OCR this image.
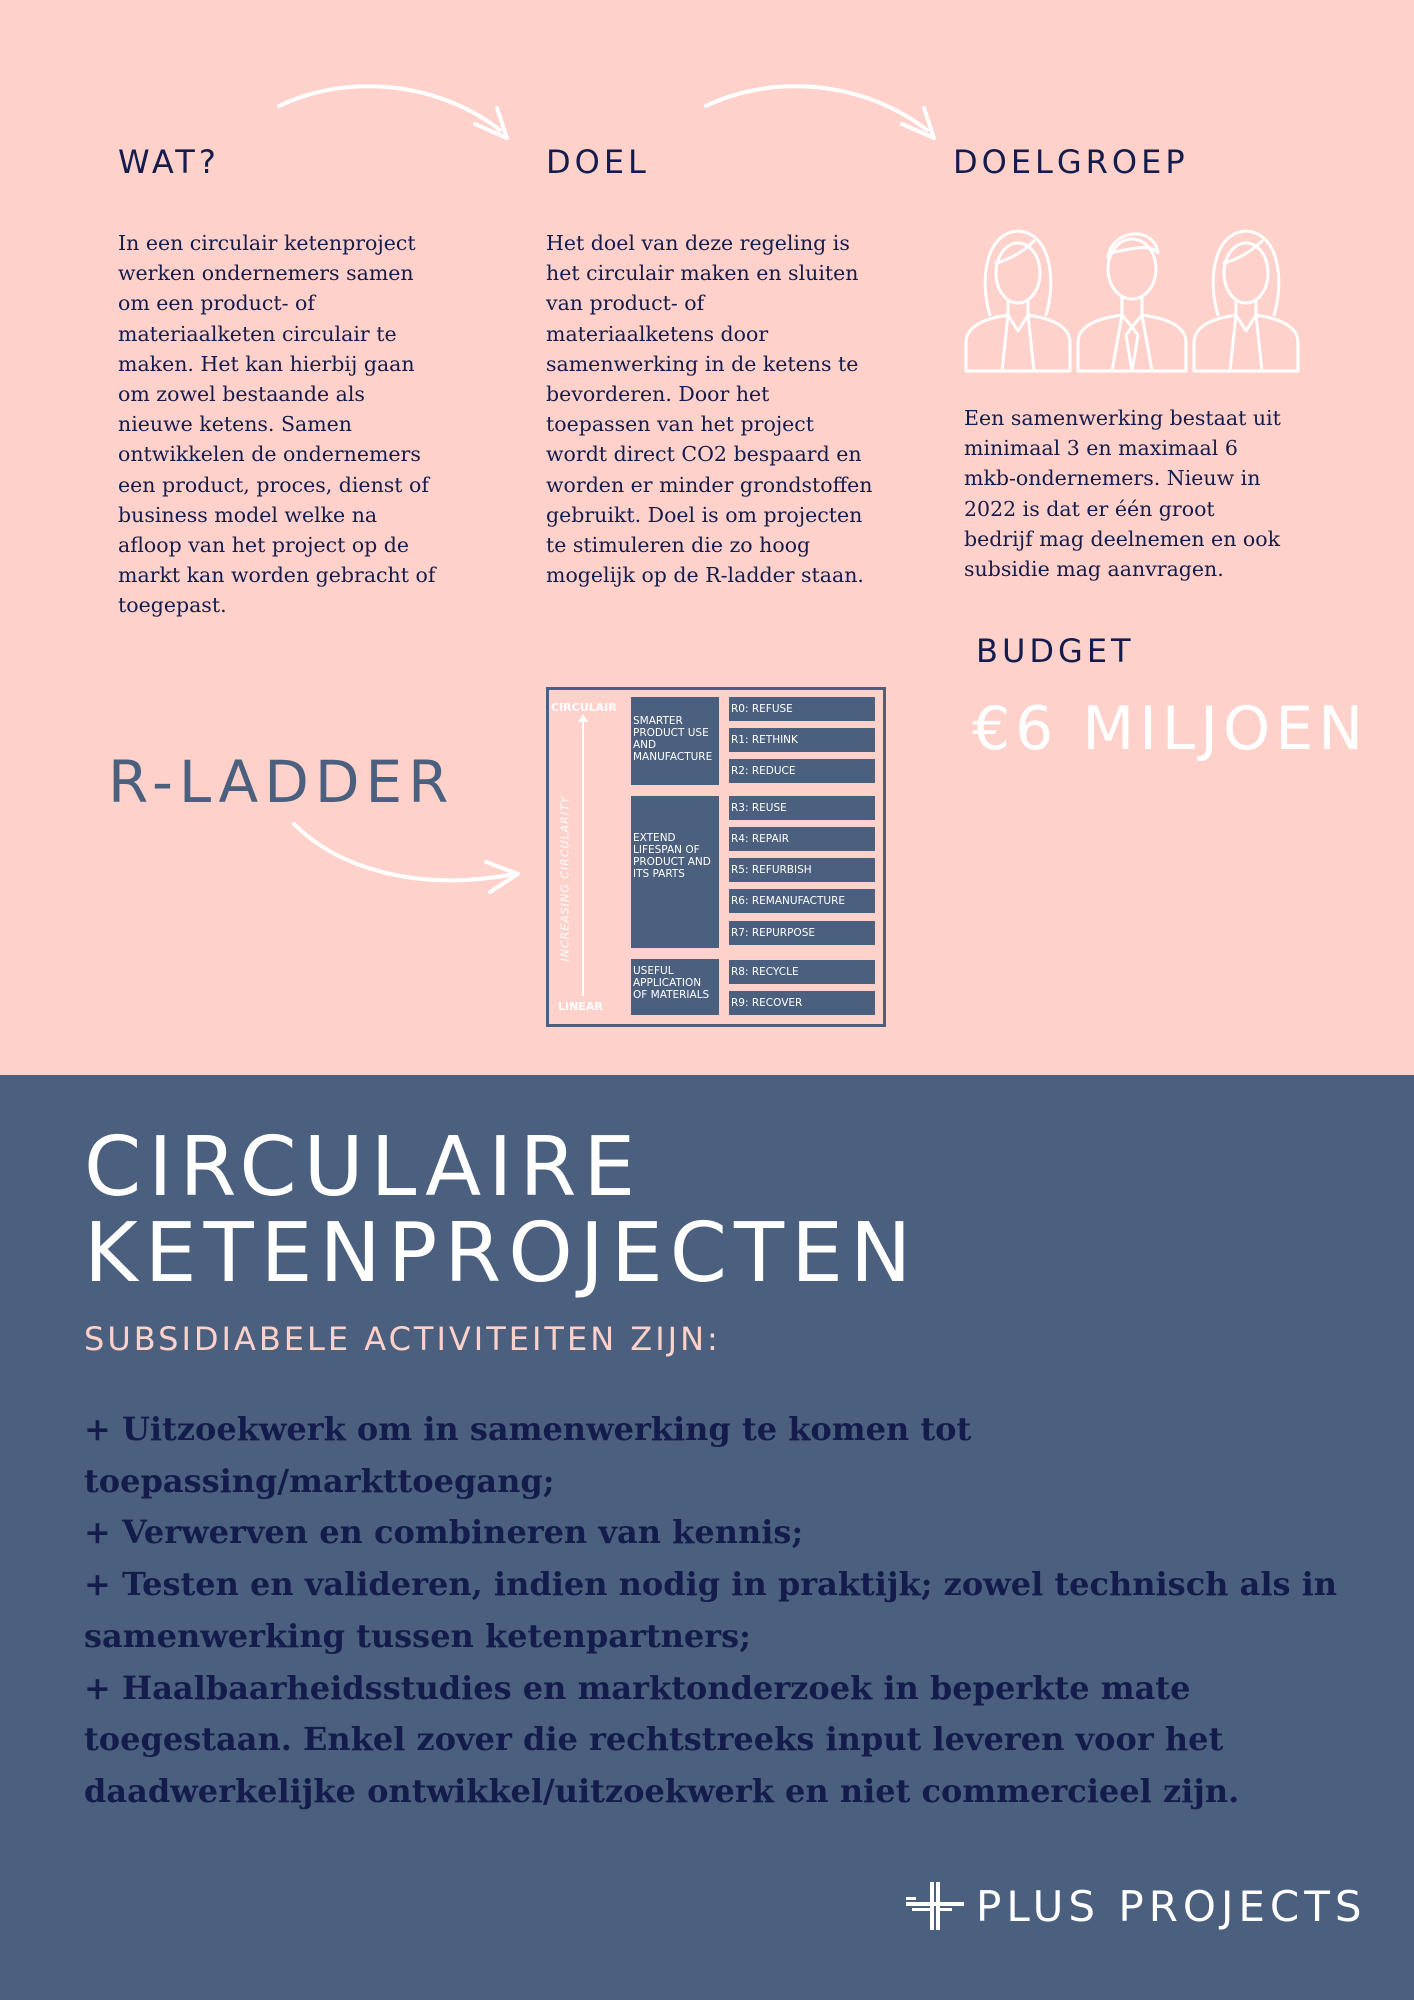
WAT?

In een circulair ketenproject werken ondernemers samen om een product- of materiaalketen circulair te maken. Het kan hierbij gaan om zowel bestaande als nieuwe ketens. Samen ontwikkelen de ondernemers een product, proces, dienst of business model welke na afloop van het project op de markt kan worden gebracht of toegepast.

DOEL

Het doel van deze regeling is het circulair maken en sluiten van product- of materiaalketens door samenwerking in de ketens te bevorderen. Door het toepassen van het project wordt direct CO2 bespaard en worden er minder grondstoffen gebruikt. Doel is om projecten te stimuleren die zo hoog mogelijk op de R-ladder staan.

DOELGROEP

Een samenwerking bestaat uit minimaal 3 en maximaal 6 mkb-ondernemers. Nieuw in 2022 is dat er één groot bedrijf mag deelnemen en ook subsidie mag aanvragen.

BUDGET
€6 MILJOEN
R-LADDER
CIRCULAIR
LINEAR
INCREASING CIRCULARITY
SMARTER PRODUCT USE AND MANUFACTURE
EXTEND LIFESPAN OF PRODUCT AND ITS PARTS
USEFUL APPLICATION OF MATERIALS
R0: REFUSE
R1: RETHINK
R2: REDUCE
R3: REUSE
R4: REPAIR
R5: REFURBISH
R6: REMANUFACTURE
R7: REPURPOSE
R8: RECYCLE
R9: RECOVER
CIRCULAIRE
KETENPROJECTEN
SUBSIDIABELE ACTIVITEITEN ZIJN:
+ Uitzoekwerk om in samenwerking te komen tot toepassing/markttoegang;
+ Verwerven en combineren van kennis;
+ Testen en valideren, indien nodig in praktijk; zowel technisch als in samenwerking tussen ketenpartners;
+ Haalbaarheidsstudies en marktonderzoek in beperkte mate toegestaan. Enkel zover die rechtstreeks input leveren voor het daadwerkelijke ontwikkel/uitzoekwerk en niet commercieel zijn.
PLUS PROJECTS
